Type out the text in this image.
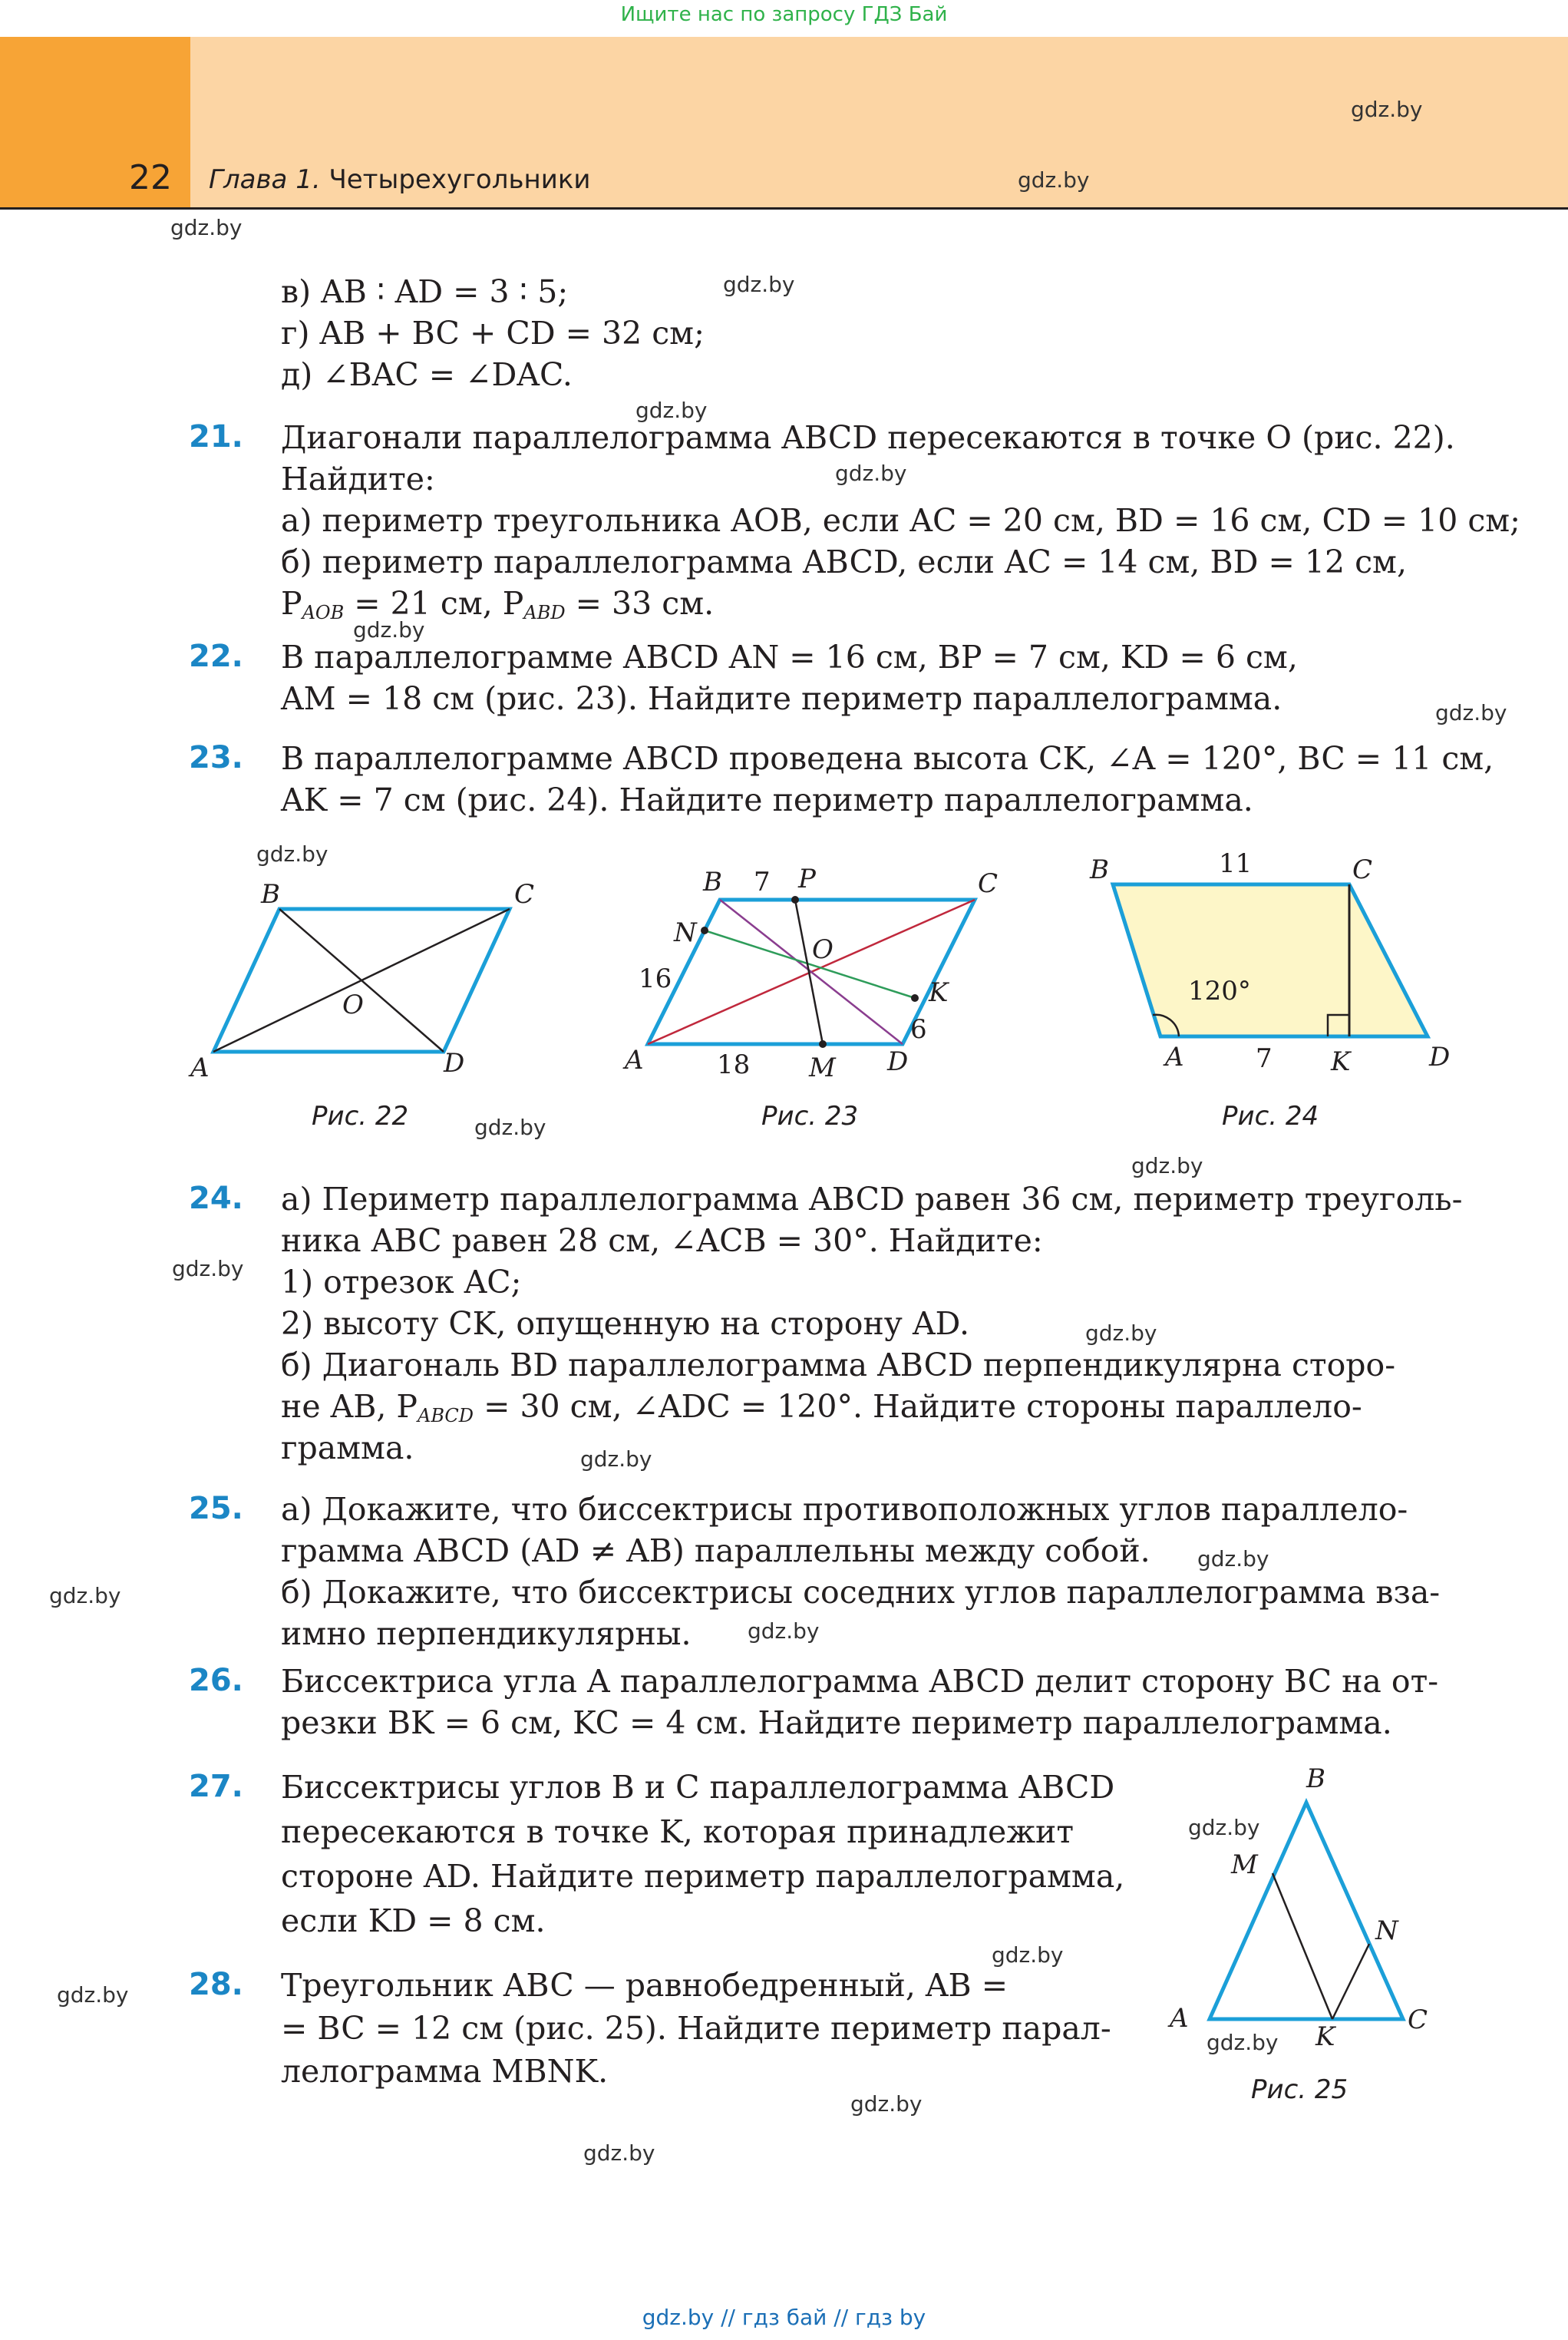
Ищите нас по запросу ГДЗ Бай
22 Глава 1. Четырехугольники
gdz.by
gdz.by
gdz.by
gdz.by
gdz.by
gdz.by
gdz.by
gdz.by
gdz.by
gdz.by
gdz.by
gdz.by
gdz.by
gdz.by
gdz.by
gdz.by
gdz.by
gdz.by
gdz.by
gdz.by
gdz.by
gdz.by
gdz.by
в) AB ∶ AD = 3 ∶ 5;
г) AB + BC + CD = 32 см;
д) ∠BAC = ∠DAC.
21. Диагонали параллелограмма ABCD пересекаются в точке O (рис. 22).
Найдите:
а) периметр треугольника AOB, если AC = 20 см, BD = 16 см, CD = 10 см;
б) периметр параллелограмма ABCD, если AC = 14 см, BD = 12 см,
$P_{AOB} = 21$ см, $P_{ABD} = 33$ см.
22. В параллелограмме ABCD AN = 16 см, BP = 7 см, KD = 6 см,
AM = 18 см (рис. 23). Найдите периметр параллелограмма.
23. В параллелограмме ABCD проведена высота CK, ∠A = 120°, BC = 11 см,
AK = 7 см (рис. 24). Найдите периметр параллелограмма.
A
B	C
D
O
Рис. 22
A
B	C
D
O
N
P
K
M
7
16
18
6
Рис. 23
B	C
A	D
K
11
7
120°
Рис. 24
24. а) Периметр параллелограмма ABCD равен 36 см, периметр треуголь-
ника ABC равен 28 см, ∠ACB = 30°. Найдите:
1) отрезок AC;
2) высоту CK, опущенную на сторону AD.
б) Диагональ BD параллелограмма ABCD перпендикулярна сторо-
не AB, $P_{ABCD} = 30$ см, ∠ADC = 120°. Найдите стороны параллело-
грамма.
25. а) Докажите, что биссектрисы противоположных углов параллело-
грамма ABCD (AD ≠ AB) параллельны между собой.
б) Докажите, что биссектрисы соседних углов параллелограмма вза-
имно перпендикулярны.
26. Биссектриса угла A параллелограмма ABCD делит сторону BC на от-
резки BK = 6 см, KC = 4 см. Найдите периметр параллелограмма.
27. Биссектрисы углов B и C параллелограмма ABCD
пересекаются в точке K, которая принадлежит
стороне AD. Найдите периметр параллелограмма,
если KD = 8 см.
28. Треугольник ABC — равнобедренный, AB =
= BC = 12 см (рис. 25). Найдите периметр парал-
лелограмма MBNK.
B
M
N
A	C
K
Рис. 25
gdz.by // гдз бай // гдз by
